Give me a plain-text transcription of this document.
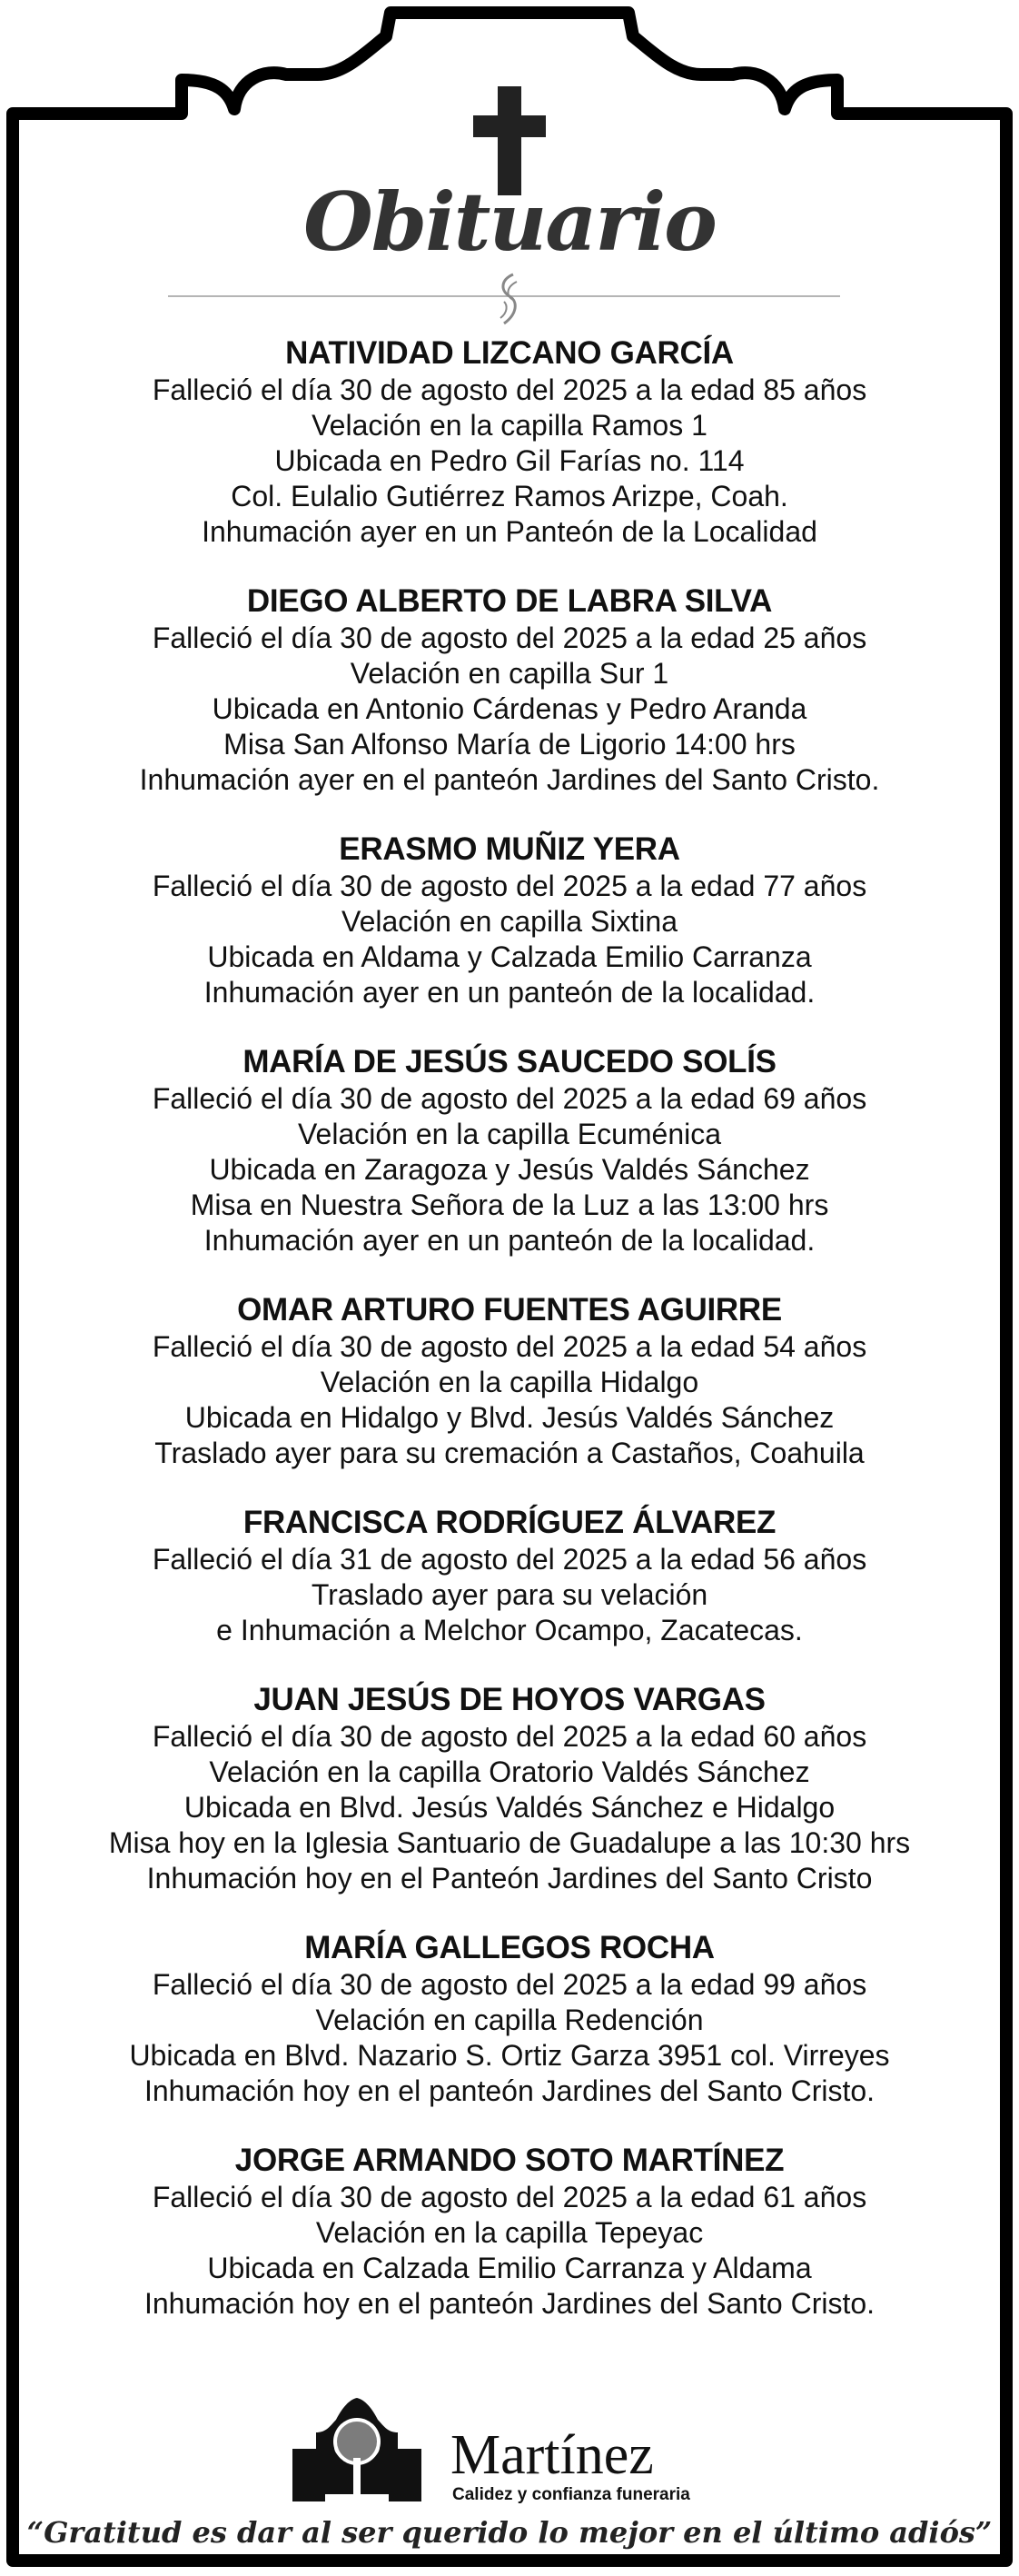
Obituario
NATIVIDAD LIZCANO GARCÍA
Falleció el día 30 de agosto del 2025 a la edad 85 años
Velación en la capilla Ramos 1
Ubicada en Pedro Gil Farías no. 114
Col. Eulalio Gutiérrez Ramos Arizpe, Coah.
Inhumación ayer en un Panteón de la Localidad
DIEGO ALBERTO DE LABRA SILVA
Falleció el día 30 de agosto del 2025 a la edad 25 años
Velación en capilla Sur 1
Ubicada en Antonio Cárdenas y Pedro Aranda
Misa San Alfonso María de Ligorio 14:00 hrs
Inhumación ayer en el panteón Jardines del Santo Cristo.
ERASMO MUÑIZ YERA
Falleció el día 30 de agosto del 2025 a la edad 77 años
Velación en capilla Sixtina
Ubicada en Aldama y Calzada Emilio Carranza
Inhumación ayer en un panteón de la localidad.
MARÍA DE JESÚS SAUCEDO SOLÍS
Falleció el día 30 de agosto del 2025 a la edad 69 años
Velación en la capilla Ecuménica
Ubicada en Zaragoza y Jesús Valdés Sánchez
Misa en Nuestra Señora de la Luz a las 13:00 hrs
Inhumación ayer en un panteón de la localidad.
OMAR ARTURO FUENTES AGUIRRE
Falleció el día 30 de agosto del 2025 a la edad 54 años
Velación en la capilla Hidalgo
Ubicada en Hidalgo y Blvd. Jesús Valdés Sánchez
Traslado ayer para su cremación a Castaños, Coahuila
FRANCISCA RODRÍGUEZ ÁLVAREZ
Falleció el día 31 de agosto del 2025 a la edad 56 años
Traslado ayer para su velación
e Inhumación a Melchor Ocampo, Zacatecas.
JUAN JESÚS DE HOYOS VARGAS
Falleció el día 30 de agosto del 2025 a la edad 60 años
Velación en la capilla Oratorio Valdés Sánchez
Ubicada en Blvd. Jesús Valdés Sánchez e Hidalgo
Misa hoy en la Iglesia Santuario de Guadalupe a las 10:30 hrs
Inhumación hoy en el Panteón Jardines del Santo Cristo
MARÍA GALLEGOS ROCHA
Falleció el día 30 de agosto del 2025 a la edad 99 años
Velación en capilla Redención
Ubicada en Blvd. Nazario S. Ortiz Garza 3951 col. Virreyes
Inhumación hoy en el panteón Jardines del Santo Cristo.
JORGE ARMANDO SOTO MARTÍNEZ
Falleció el día 30 de agosto del 2025 a la edad 61 años
Velación en la capilla Tepeyac
Ubicada en Calzada Emilio Carranza y Aldama
Inhumación hoy en el panteón Jardines del Santo Cristo.
Martínez
Calidez y confianza funeraria
“Gratitud es dar al ser querido lo mejor en el último adiós”
